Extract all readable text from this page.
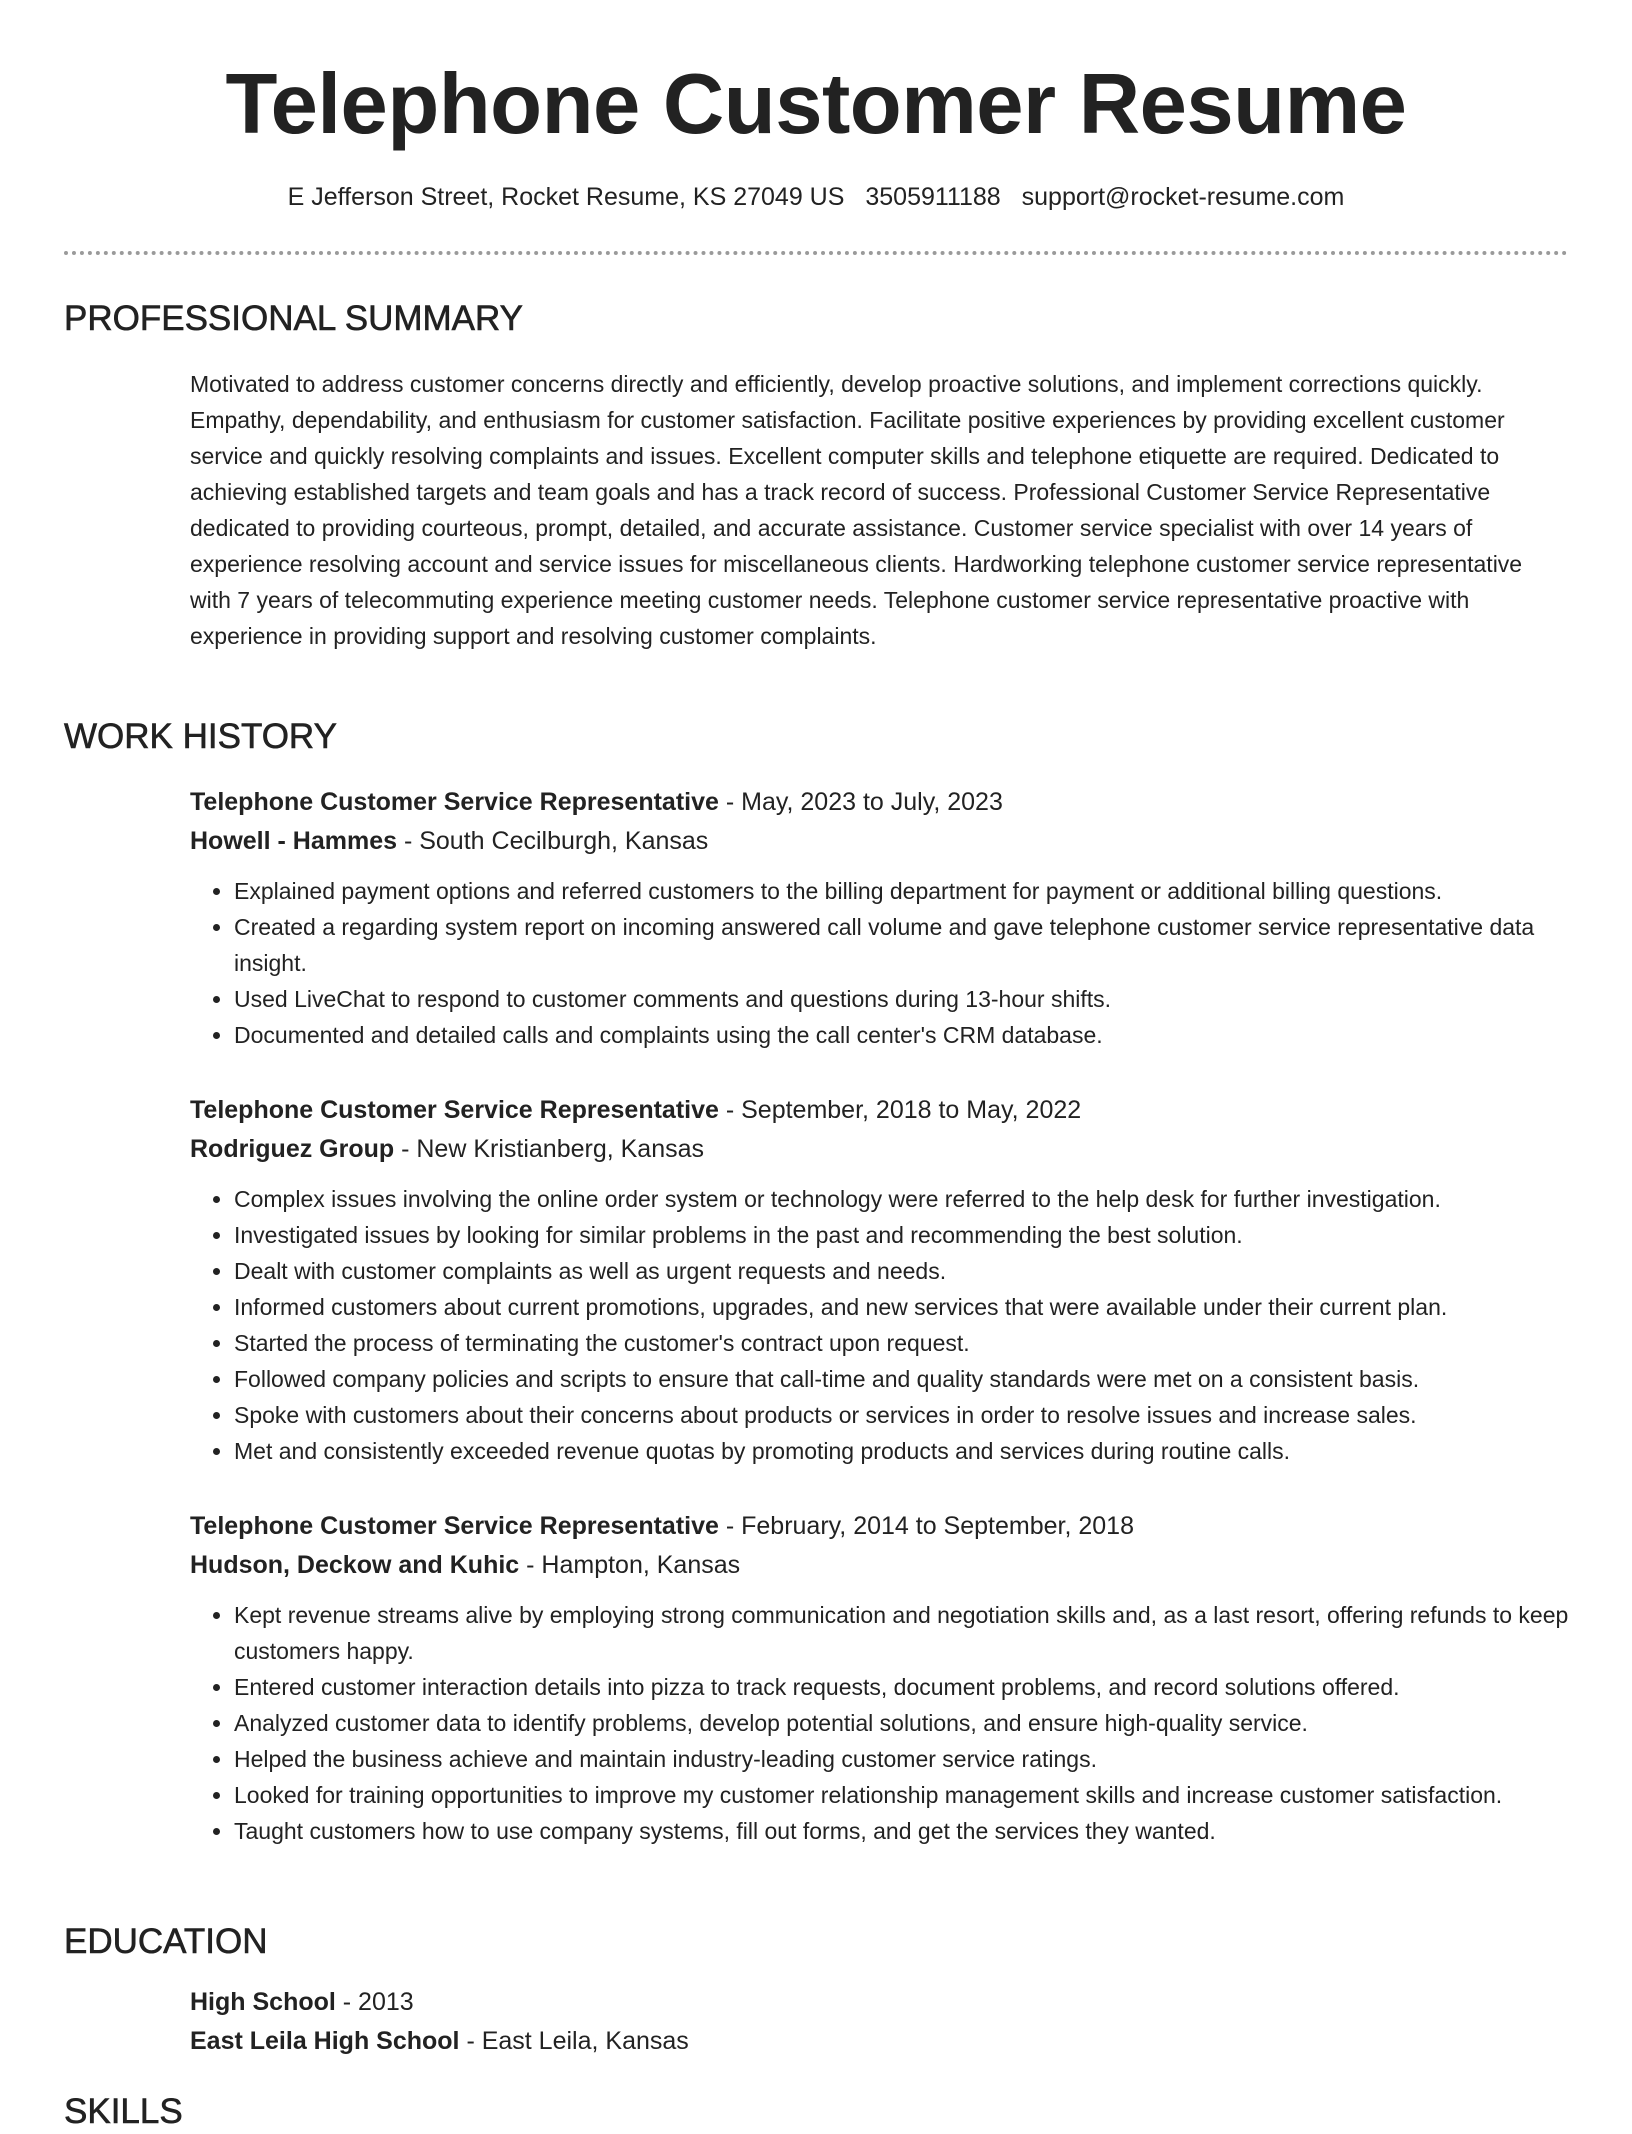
Telephone Customer Resume
E Jefferson Street, Rocket Resume, KS 27049 US 3505911188 support@rocket-resume.com
PROFESSIONAL SUMMARY

Motivated to address customer concerns directly and efficiently, develop proactive solutions, and implement corrections quickly. Empathy, dependability, and enthusiasm for customer satisfaction. Facilitate positive experiences by providing excellent customer service and quickly resolving complaints and issues. Excellent computer skills and telephone etiquette are required. Dedicated to achieving established targets and team goals and has a track record of success. Professional Customer Service Representative dedicated to providing courteous, prompt, detailed, and accurate assistance. Customer service specialist with over 14 years of experience resolving account and service issues for miscellaneous clients. Hardworking telephone customer service representative with 7 years of telecommuting experience meeting customer needs. Telephone customer service representative proactive with experience in providing support and resolving customer complaints.

WORK HISTORY
Telephone Customer Service Representative - May, 2023 to July, 2023
Howell - Hammes - South Cecilburgh, Kansas
• Explained payment options and referred customers to the billing department for payment or additional billing questions.
• Created a regarding system report on incoming answered call volume and gave telephone customer service representative data insight.
• Used LiveChat to respond to customer comments and questions during 13-hour shifts.
• Documented and detailed calls and complaints using the call center's CRM database.
Telephone Customer Service Representative - September, 2018 to May, 2022
Rodriguez Group - New Kristianberg, Kansas
• Complex issues involving the online order system or technology were referred to the help desk for further investigation.
• Investigated issues by looking for similar problems in the past and recommending the best solution.
• Dealt with customer complaints as well as urgent requests and needs.
• Informed customers about current promotions, upgrades, and new services that were available under their current plan.
• Started the process of terminating the customer's contract upon request.
• Followed company policies and scripts to ensure that call-time and quality standards were met on a consistent basis.
• Spoke with customers about their concerns about products or services in order to resolve issues and increase sales.
• Met and consistently exceeded revenue quotas by promoting products and services during routine calls.
Telephone Customer Service Representative - February, 2014 to September, 2018
Hudson, Deckow and Kuhic - Hampton, Kansas
• Kept revenue streams alive by employing strong communication and negotiation skills and, as a last resort, offering refunds to keep customers happy.
• Entered customer interaction details into pizza to track requests, document problems, and record solutions offered.
• Analyzed customer data to identify problems, develop potential solutions, and ensure high-quality service.
• Helped the business achieve and maintain industry-leading customer service ratings.
• Looked for training opportunities to improve my customer relationship management skills and increase customer satisfaction.
• Taught customers how to use company systems, fill out forms, and get the services they wanted.
EDUCATION
High School - 2013
East Leila High School - East Leila, Kansas
SKILLS
